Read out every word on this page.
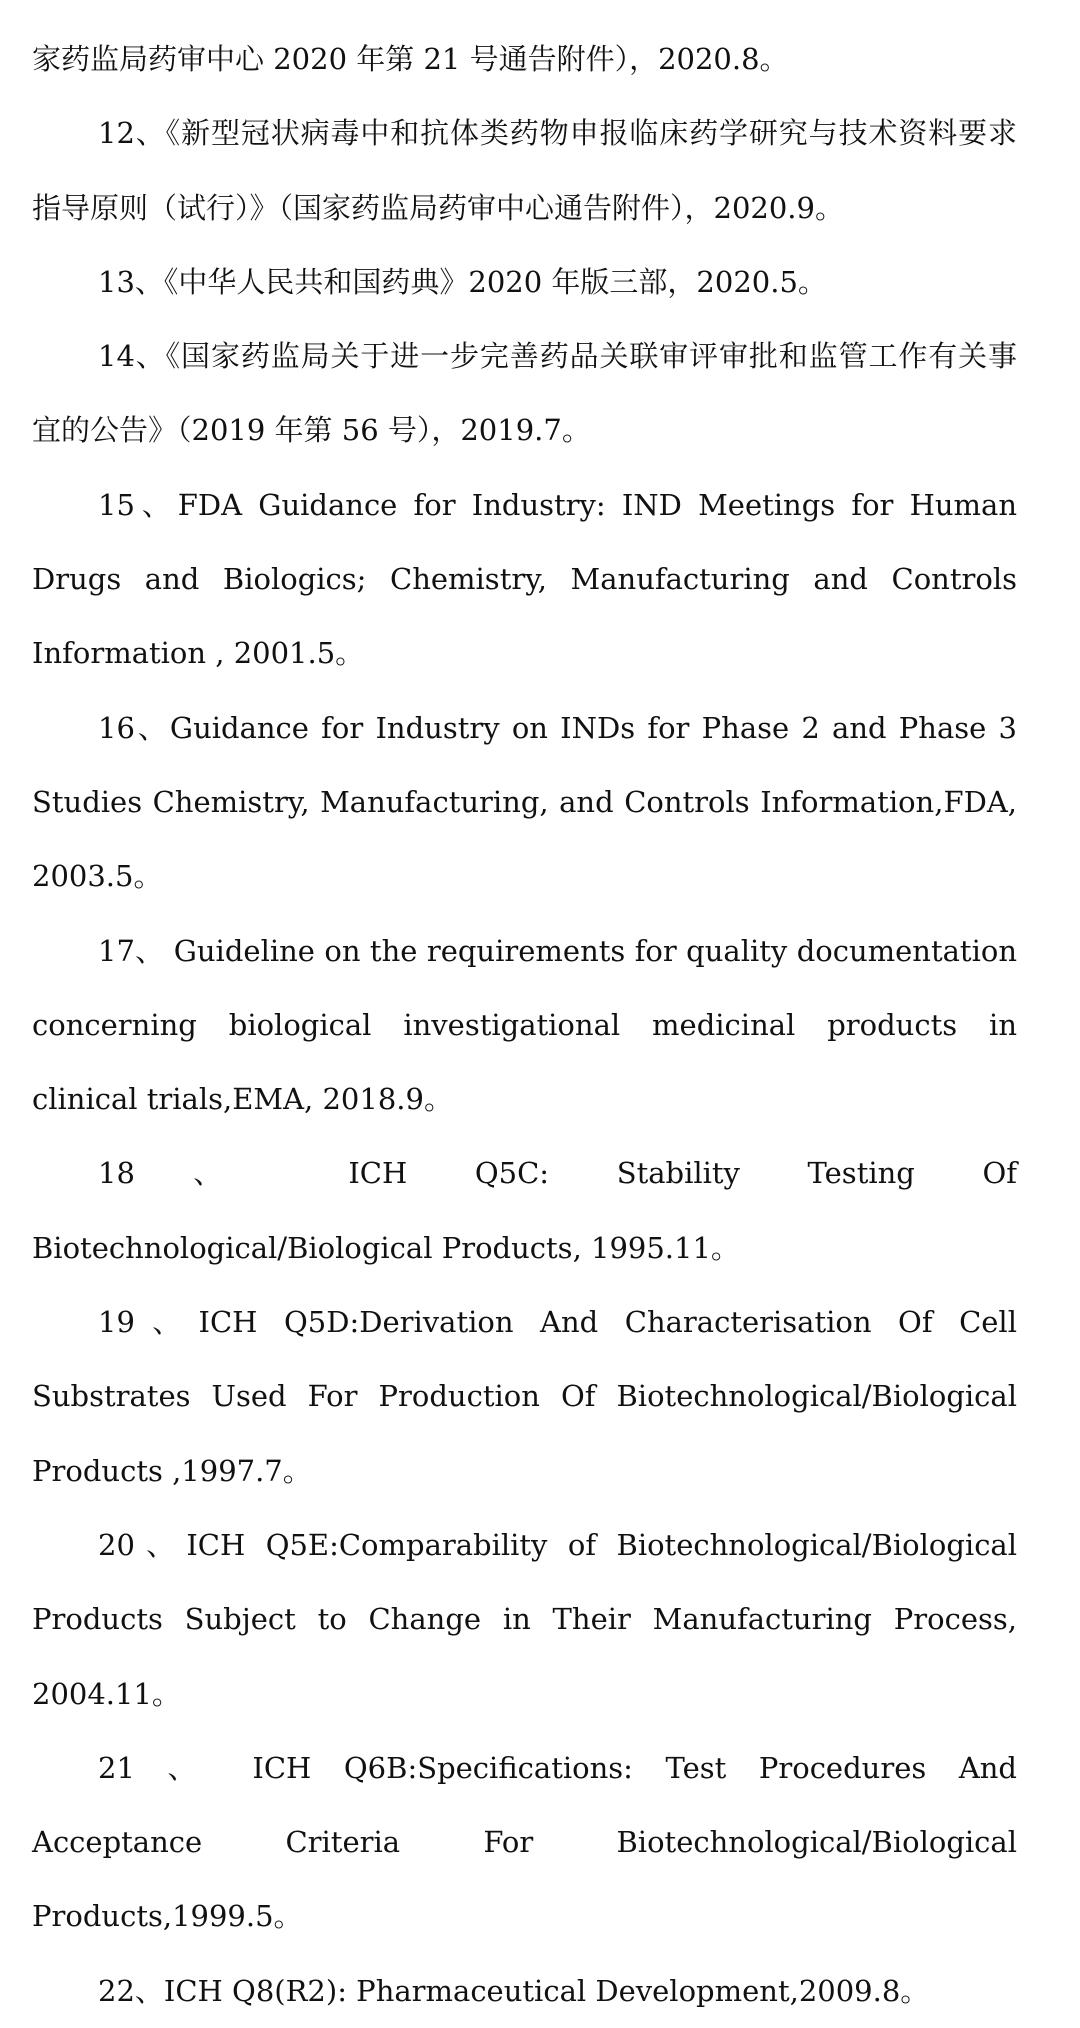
家药监局药审中心 2020 年第 21 号通告附件），2020.8。

12、《新型冠状病毒中和抗体类药物申报临床药学研究与技术资料要求指导原则（试行）》（国家药监局药审中心通告附件），2020.9。

13、《中华人民共和国药典》2020 年版三部，2020.5。

14、《国家药监局关于进一步完善药品关联审评审批和监管工作有关事宜的公告》（2019 年第 56 号），2019.7。

15、FDA Guidance for Industry: IND Meetings for Human Drugs and Biologics; Chemistry, Manufacturing and Controls Information , 2001.5。

16、Guidance for Industry on INDs for Phase 2 and Phase 3 Studies Chemistry, Manufacturing, and Controls Information,FDA, 2003.5。

17、 Guideline on the requirements for quality documentation concerning biological investigational medicinal products in clinical trials,EMA, 2018.9。

18、 ICH Q5C: Stability Testing Of Biotechnological/Biological Products, 1995.11。

19、ICH Q5D:Derivation And Characterisation Of Cell Substrates Used For Production Of Biotechnological/Biological Products ,1997.7。

20、ICH Q5E:Comparability of Biotechnological/Biological Products Subject to Change in Their Manufacturing Process, 2004.11。

21 、 ICH Q6B:Specifications: Test Procedures And Acceptance Criteria For Biotechnological/Biological Products,1999.5。

22、ICH Q8(R2): Pharmaceutical Development,2009.8。
